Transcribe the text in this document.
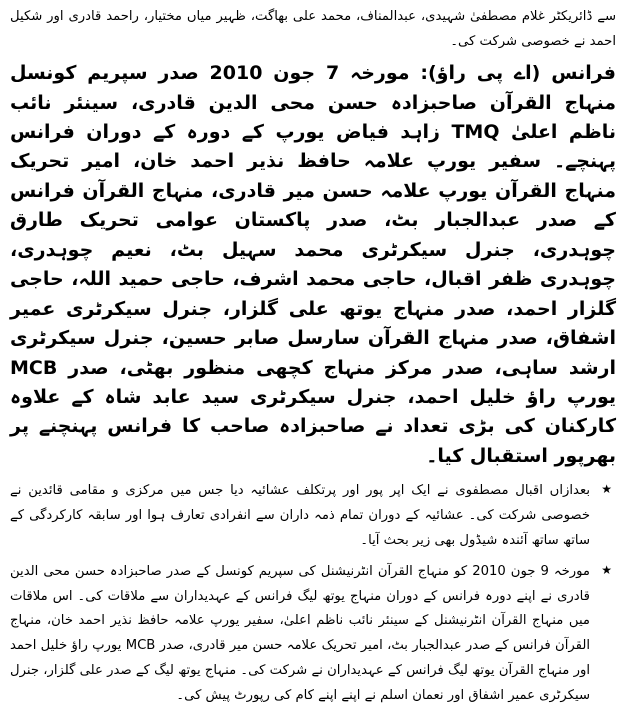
سے ڈائریکٹر غلام مصطفیٰ شہیدی، عبدالمناف، محمد علی بھاگت، ظہیر میاں مختیار، راحمد قادری اور شکیل احمد نے خصوصی شرکت کی۔
فرانس (اے پی راؤ): مورخہ 7 جون 2010 صدر سپریم کونسل منہاج القرآن صاحبزادہ حسن محی الدین قادری، سینئر نائب ناظم اعلیٰ TMQ زاہد فیاض یورپ کے دورہ کے دوران فرانس پہنچے۔ سفیر یورپ علامہ حافظ نذیر احمد خان، امیر تحریک منہاج القرآن یورپ علامہ حسن میر قادری، منہاج القرآن فرانس کے صدر عبدالجبار بٹ، صدر پاکستان عوامی تحریک طارق چوہدری، جنرل سیکرٹری محمد سہیل بٹ، نعیم چوہدری، چوہدری ظفر اقبال، حاجی محمد اشرف، حاجی حمید اللہ، حاجی گلزار احمد، صدر منہاج یوتھ علی گلزار، جنرل سیکرٹری عمیر اشفاق، صدر منہاج القرآن سارسل صابر حسین، جنرل سیکرٹری ارشد ساہی، صدر مرکز منہاج کچھی منظور بھٹی، صدر MCB یورپ راؤ خلیل احمد، جنرل سیکرٹری سید عابد شاہ کے علاوہ کارکنان کی بڑی تعداد نے صاحبزادہ صاحب کا فرانس پہنچنے پر بھرپور استقبال کیا۔
★
بعدازاں اقبال مصطفوی نے ایک اپر پور اور پرتکلف عشائیہ دیا جس میں مرکزی و مقامی قائدین نے خصوصی شرکت کی۔ عشائیہ کے دوران تمام ذمہ داران سے انفرادی تعارف ہوا اور سابقہ کارکردگی کے ساتھ ساتھ آئندہ شیڈول بھی زیر بحث آیا۔
★
مورخہ 9 جون 2010 کو منہاج القرآن انٹرنیشنل کی سپریم کونسل کے صدر صاحبزادہ حسن محی الدین قادری نے اپنے دورہ فرانس کے دوران منہاج یوتھ لیگ فرانس کے عہدیداران سے ملاقات کی۔ اس ملاقات میں منہاج القرآن انٹرنیشنل کے سینئر نائب ناظم اعلیٰ، سفیر یورپ علامہ حافظ نذیر احمد خان، منہاج القرآن فرانس کے صدر عبدالجبار بٹ، امیر تحریک علامہ حسن میر قادری، صدر MCB یورپ راؤ خلیل احمد اور منہاج القرآن یوتھ لیگ فرانس کے عہدیداران نے شرکت کی۔ منہاج یوتھ لیگ کے صدر علی گلزار، جنرل سیکرٹری عمیر اشفاق اور نعمان اسلم نے اپنے اپنے کام کی رپورٹ پیش کی۔
